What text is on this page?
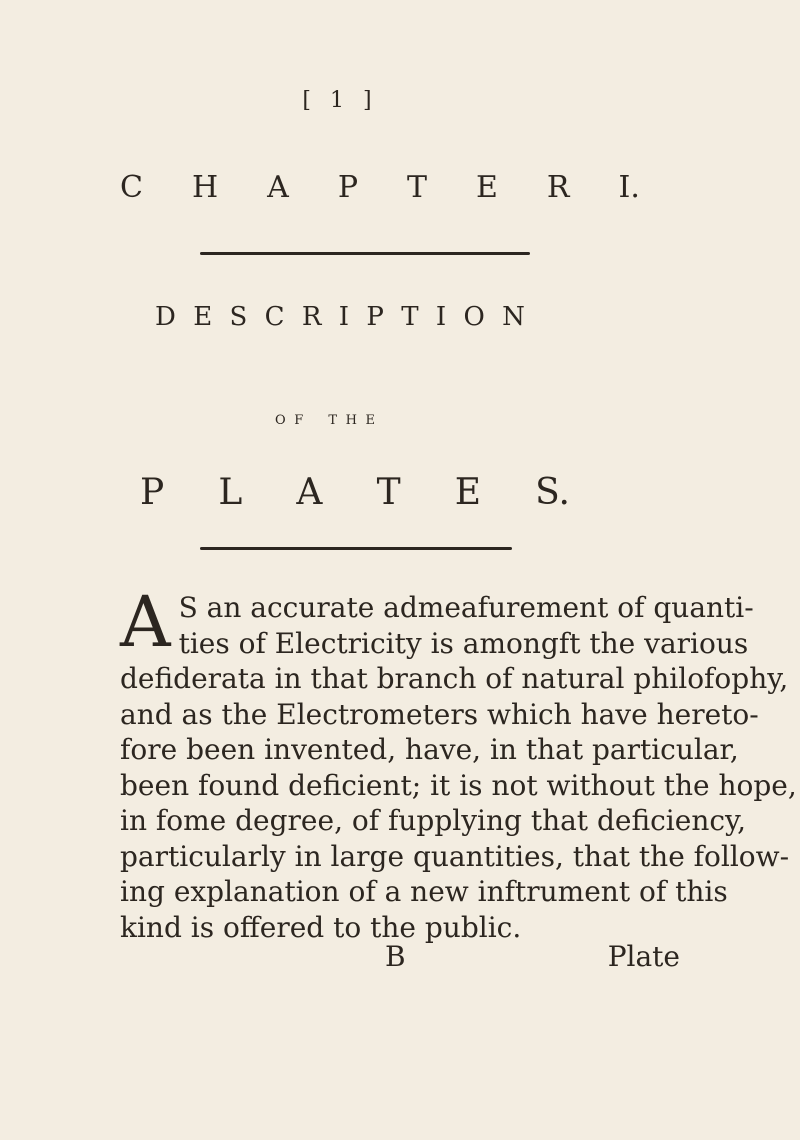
[ 1 ]
C H A P T E R I.
D E S C R I P T I O N
O F T H E
P L A T E S.
A S an accurate admeafurement of quanti-
ties of Electricity is amongft the various
defiderata in that branch of natural philofophy,
and as the Electrometers which have hereto-
fore been invented, have, in that particular,
been found deficient; it is not without the hope,
in fome degree, of fupplying that deficiency,
particularly in large quantities, that the follow-
ing explanation of a new inftrument of this
kind is offered to the public.
B	Plate
